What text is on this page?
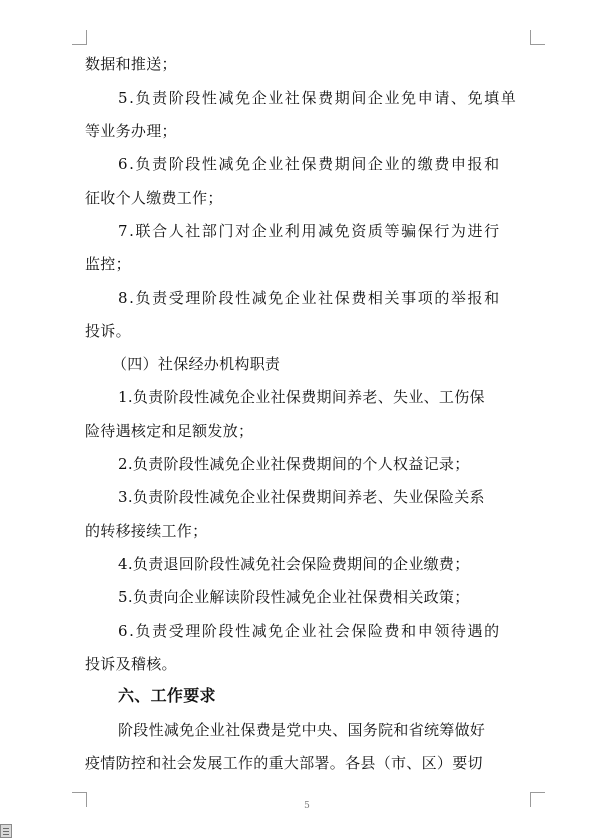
数据和推送；
5.负责阶段性减免企业社保费期间企业免申请、免填单
等业务办理；
6.负责阶段性减免企业社保费期间企业的缴费申报和
征收个人缴费工作；
7.联合人社部门对企业利用减免资质等骗保行为进行
监控；
8.负责受理阶段性减免企业社保费相关事项的举报和
投诉。
（四）社保经办机构职责
1.负责阶段性减免企业社保费期间养老、失业、工伤保
险待遇核定和足额发放；
2.负责阶段性减免企业社保费期间的个人权益记录；
3.负责阶段性减免企业社保费期间养老、失业保险关系
的转移接续工作；
4.负责退回阶段性减免社会保险费期间的企业缴费；
5.负责向企业解读阶段性减免企业社保费相关政策；
6.负责受理阶段性减免企业社会保险费和申领待遇的
投诉及稽核。
六、工作要求
阶段性减免企业社保费是党中央、国务院和省统筹做好
疫情防控和社会发展工作的重大部署。各县（市、区）要切
5
